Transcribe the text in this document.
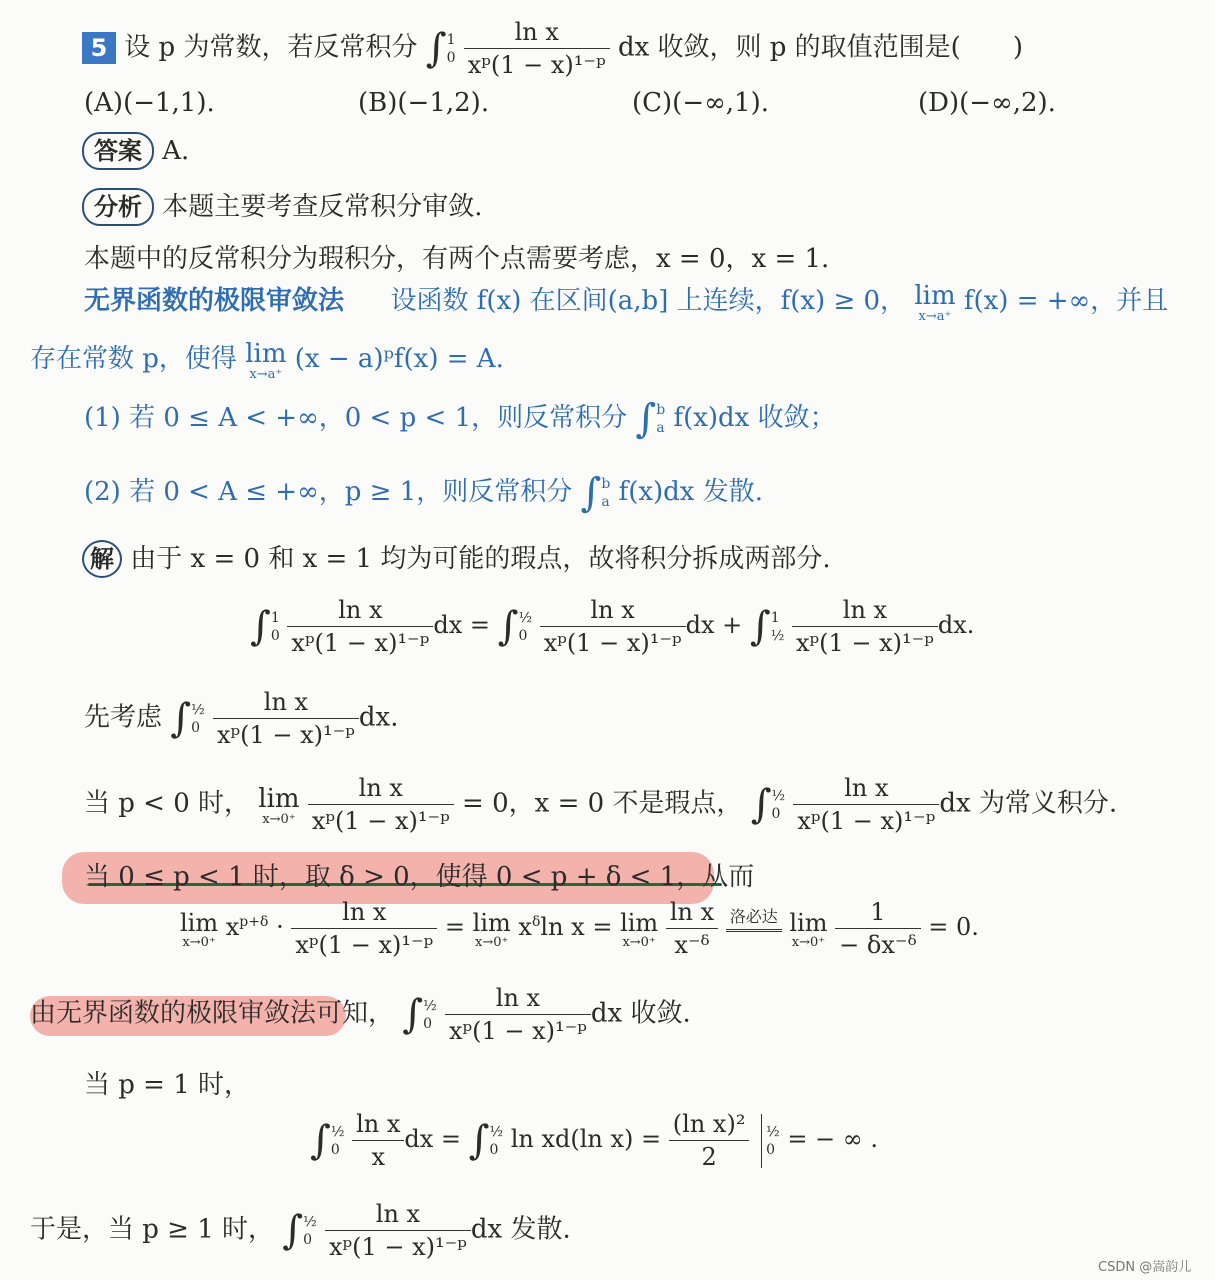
5 设 p 为常数，若反常积分 ∫ 1
0
$\frac{\text{ln x}}{\text{xᵖ(1 − x)¹⁻ᵖ}}$ dx 收敛，则 p 的取值范围是(　　)
(A)(−1,1).	(B)(−1,2).	(C)(−∞,1).	(D)(−∞,2).
答案 A.
分析 本题主要考查反常积分审敛.
本题中的反常积分为瑕积分，有两个点需要考虑，x = 0，x = 1.
无界函数的极限审敛法 设函数 f(x) 在区间(a,b] 上连续，f(x) ≥ 0， lim
x→a⁺
f(x) = +∞，并且
存在常数 p，使得 lim
x→a⁺
(x − a)ᵖf(x) = A.
(1) 若 0 ≤ A < +∞，0 < p < 1，则反常积分 ∫ b
a f(x)dx 收敛；
(2) 若 0 < A ≤ +∞，p ≥ 1，则反常积分 ∫ b
a f(x)dx 发散.
解 由于 x = 0 和 x = 1 均为可能的瑕点，故将积分拆成两部分.
∫ 1
0
$\frac{\text{ln x}}{\text{xᵖ(1 − x)¹⁻ᵖ}}$ dx = ∫ ½
0
$\frac{\text{ln x}}{\text{xᵖ(1 − x)¹⁻ᵖ}}$ dx + ∫ 1
½
$\frac{\text{ln x}}{\text{xᵖ(1 − x)¹⁻ᵖ}}$ dx.
先考虑 ∫ ½
0
$\frac{\text{ln x}}{\text{xᵖ(1 − x)¹⁻ᵖ}}$ dx.
当 p < 0 时， lim
x→0⁺
$\frac{\text{ln x}}{\text{xᵖ(1 − x)¹⁻ᵖ}} = 0$，x = 0 不是瑕点， ∫ ½
0
$\frac{\text{ln x}}{\text{xᵖ(1 − x)¹⁻ᵖ}}$ dx 为常义积分.
当 0 ≤ p < 1 时，取 δ > 0，使得 0 < p + δ < 1，从而
lim
x→0⁺
$x^{p+\delta} \cdot \frac{\text{ln x}}{\text{xᵖ(1 − x)¹⁻ᵖ}} = \lim$
x→0⁺
$x^\delta\ln$ x = lim
x→0⁺
$\frac{\text{ln x}}{\text{x⁻ᵟ}}$
洛必达
lim
x→0⁺
$\frac{1}{\text{− δx⁻ᵟ}} = 0$.
由无界函数的极限审敛法可知， ∫ ½
0
$\frac{\text{ln x}}{\text{xᵖ(1 − x)¹⁻ᵖ}}$ dx 收敛.
当 p = 1 时，
∫ ½
0
$\frac{\text{ln x}}{x}$ dx = ∫ ½
0 ln xd(ln $x) = \frac{\text{(ln x)²}}{2}$
½
0 = − ∞ .
于是，当 p ≥ 1 时， ∫ ½
0
$\frac{\text{ln x}}{\text{xᵖ(1 − x)¹⁻ᵖ}}$ dx 发散.
CSDN @嵩韵儿
